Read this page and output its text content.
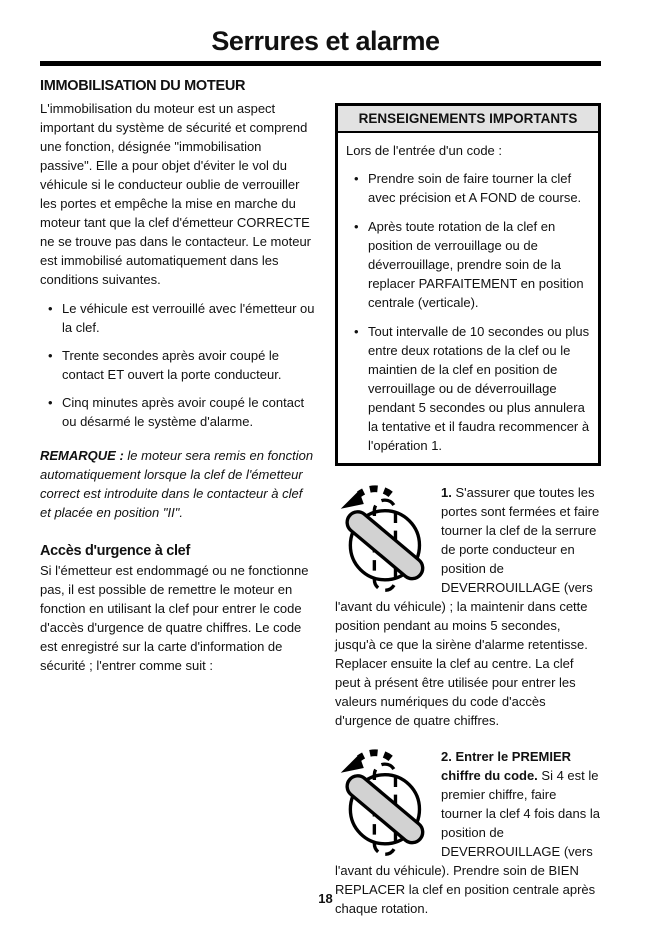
Serrures et alarme
IMMOBILISATION DU MOTEUR

L'immobilisation du moteur est un aspect important du système de sécurité et comprend une fonction, désignée "immobilisation passive". Elle a pour objet d'éviter le vol du véhicule si le conducteur oublie de verrouiller les portes et empêche la mise en marche du moteur tant que la clef d'émetteur CORRECTE ne se trouve pas dans le contacteur. Le moteur est immobilisé automatiquement dans les conditions suivantes.

• Le véhicule est verrouillé avec l'émetteur ou la clef.
• Trente secondes après avoir coupé le contact ET ouvert la porte conducteur.
• Cinq minutes après avoir coupé le contact ou désarmé le système d'alarme.

REMARQUE : le moteur sera remis en fonction automatiquement lorsque la clef de l'émetteur correct est introduite dans le contacteur à clef et placée en position "II".

Accès d'urgence à clef

Si l'émetteur est endommagé ou ne fonctionne pas, il est possible de remettre le moteur en fonction en utilisant la clef pour entrer le code d'accès d'urgence de quatre chiffres. Le code est enregistré sur la carte d'information de sécurité ; l'entrer comme suit :

RENSEIGNEMENTS IMPORTANTS

Lors de l'entrée d'un code :

• Prendre soin de faire tourner la clef avec précision et A FOND de course.
• Après toute rotation de la clef en position de verrouillage ou de déverrouillage, prendre soin de la replacer PARFAITEMENT en position centrale (verticale).
• Tout intervalle de 10 secondes ou plus entre deux rotations de la clef ou le maintien de la clef en position de verrouillage ou de déverrouillage pendant 5 secondes ou plus annulera la tentative et il faudra recommencer à l'opération 1.

1. S'assurer que toutes les portes sont fermées et faire tourner la clef de la serrure de porte conducteur en position de DEVERROUILLAGE (vers l'avant du véhicule) ; la maintenir dans cette position pendant au moins 5 secondes, jusqu'à ce que la sirène d'alarme retentisse. Replacer ensuite la clef au centre. La clef peut à présent être utilisée pour entrer les valeurs numériques du code d'accès d'urgence de quatre chiffres.

2. Entrer le PREMIER chiffre du code. Si 4 est le premier chiffre, faire tourner la clef 4 fois dans la position de DEVERROUILLAGE (vers l'avant du véhicule). Prendre soin de BIEN REPLACER la clef en position centrale après chaque rotation.

18
